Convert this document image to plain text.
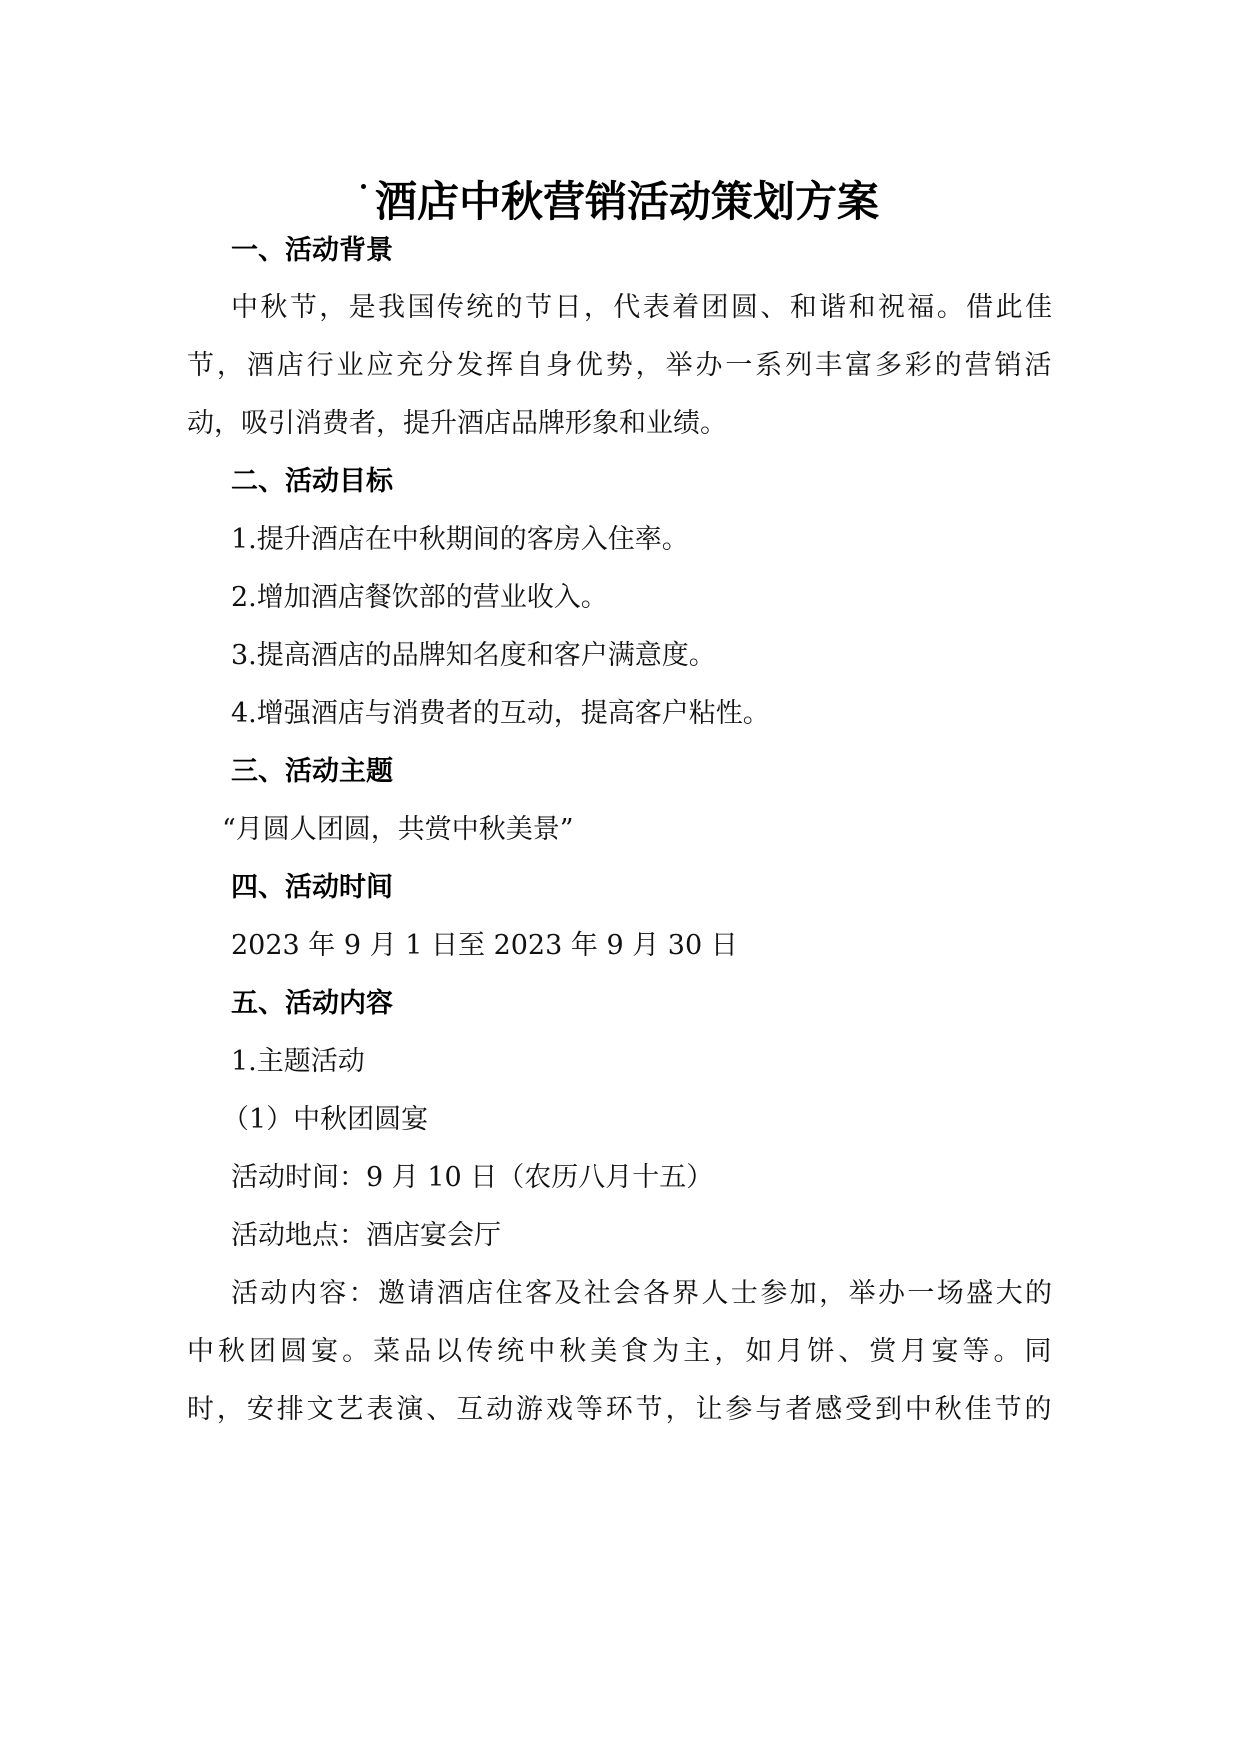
酒店中秋营销活动策划方案
一、活动背景
中秋节，是我国传统的节日，代表着团圆、和谐和祝福。借此佳
节，酒店行业应充分发挥自身优势，举办一系列丰富多彩的营销活
动，吸引消费者，提升酒店品牌形象和业绩。
二、活动目标
1.提升酒店在中秋期间的客房入住率。
2.增加酒店餐饮部的营业收入。
3.提高酒店的品牌知名度和客户满意度。
4.增强酒店与消费者的互动，提高客户粘性。
三、活动主题
“月圆人团圆，共赏中秋美景”
四、活动时间
2023 年 9 月 1 日至 2023 年 9 月 30 日
五、活动内容
1.主题活动
（1）中秋团圆宴
活动时间：9 月 10 日（农历八月十五）
活动地点：酒店宴会厅
活动内容：邀请酒店住客及社会各界人士参加，举办一场盛大的
中秋团圆宴。菜品以传统中秋美食为主，如月饼、赏月宴等。同
时，安排文艺表演、互动游戏等环节，让参与者感受到中秋佳节的
